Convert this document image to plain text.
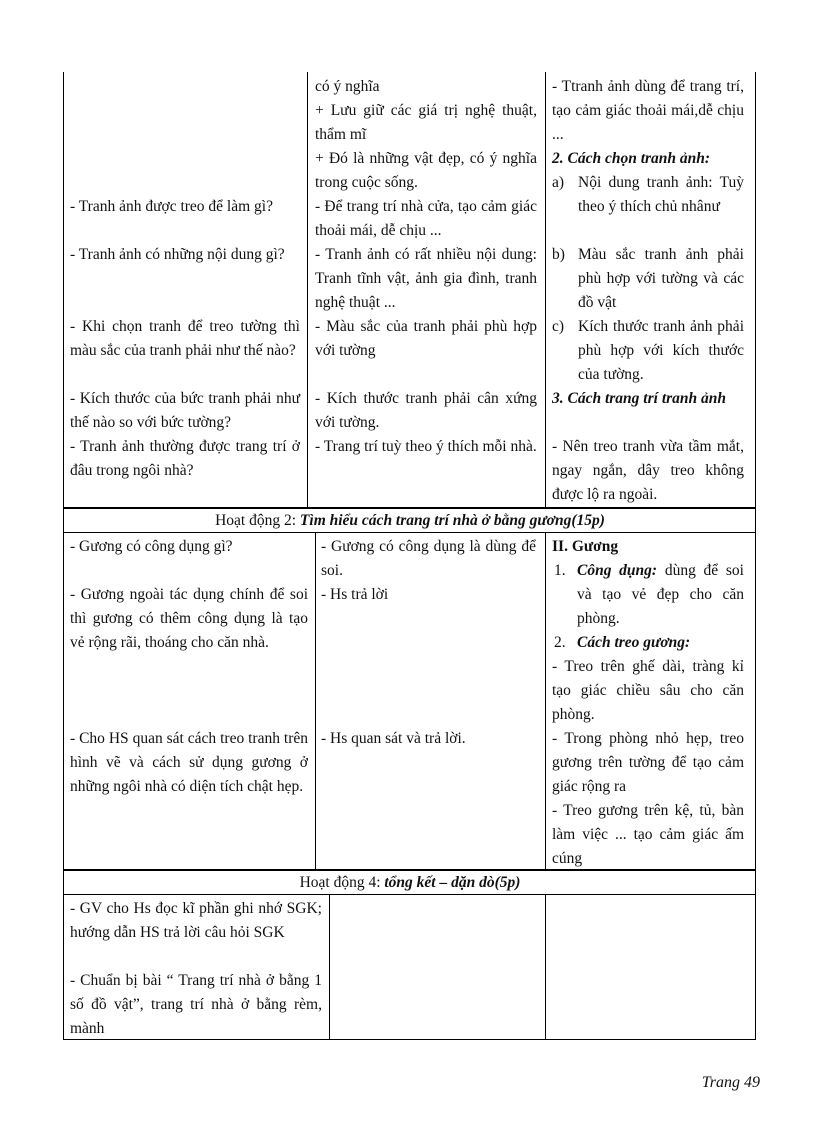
- Tranh ảnh được treo để làm gì?
- Tranh ảnh có những nội dung gì?
- Khi chọn tranh để treo tường thì màu sắc của tranh phải như thế nào?
- Kích thước của bức tranh phải như thế nào so với bức tường?
- Tranh ảnh thường được trang trí ở đâu trong ngôi nhà?
có ý nghĩa
+ Lưu giữ các giá trị nghệ thuật, thẩm mĩ
+ Đó là những vật đẹp, có ý nghĩa trong cuộc sống.
- Để trang trí nhà cửa, tạo cảm giác thoải mái, dễ chịu ...
- Tranh ảnh có rất nhiều nội dung: Tranh tĩnh vật, ảnh gia đình, tranh nghệ thuật ...
- Màu sắc của tranh phải phù hợp với tường
- Kích thước tranh phải cân xứng với tường.
- Trang trí tuỳ theo ý thích mỗi nhà.
- Ttranh ảnh dùng để trang trí, tạo cảm giác thoải mái,dễ chịu ...
2. Cách chọn tranh ảnh:
a) Nội dung tranh ảnh: Tuỳ theo ý thích chủ nhânư
b) Màu sắc tranh ảnh phải phù hợp với tường và các đồ vật
c) Kích thước tranh ảnh phải phù hợp với kích thước của tường.
3. Cách trang trí tranh ảnh
- Nên treo tranh vừa tầm mắt, ngay ngắn, dây treo không được lộ ra ngoài.
Hoạt động 2: Tìm hiểu cách trang trí nhà ở bằng gương(15p)
- Gương có công dụng gì?
- Gương ngoài tác dụng chính để soi thì gương có thêm công dụng là tạo vẻ rộng rãi, thoáng cho căn nhà.
- Cho HS quan sát cách treo tranh trên hình vẽ và cách sử dụng gương ở những ngôi nhà có diện tích chật hẹp.
- Gương có công dụng là dùng để soi.
- Hs trả lời
- Hs quan sát và trả lời.
II. Gương
1. Công dụng: dùng để soi và tạo vẻ đẹp cho căn phòng.
2. Cách treo gương:
- Treo trên ghế dài, tràng kỉ tạo giác chiều sâu cho căn phòng.
- Trong phòng nhỏ hẹp, treo gương trên tường để tạo cảm giác rộng ra
- Treo gương trên kệ, tủ, bàn làm việc ... tạo cảm giác ấm cúng
Hoạt động 4: tổng kết – dặn dò(5p)
- GV cho Hs đọc kĩ phần ghi nhớ SGK; hướng dẫn HS trả lời câu hỏi SGK
- Chuẩn bị bài “ Trang trí nhà ở bằng 1 số đồ vật”, trang trí nhà ở bằng rèm, mành
Trang 49
